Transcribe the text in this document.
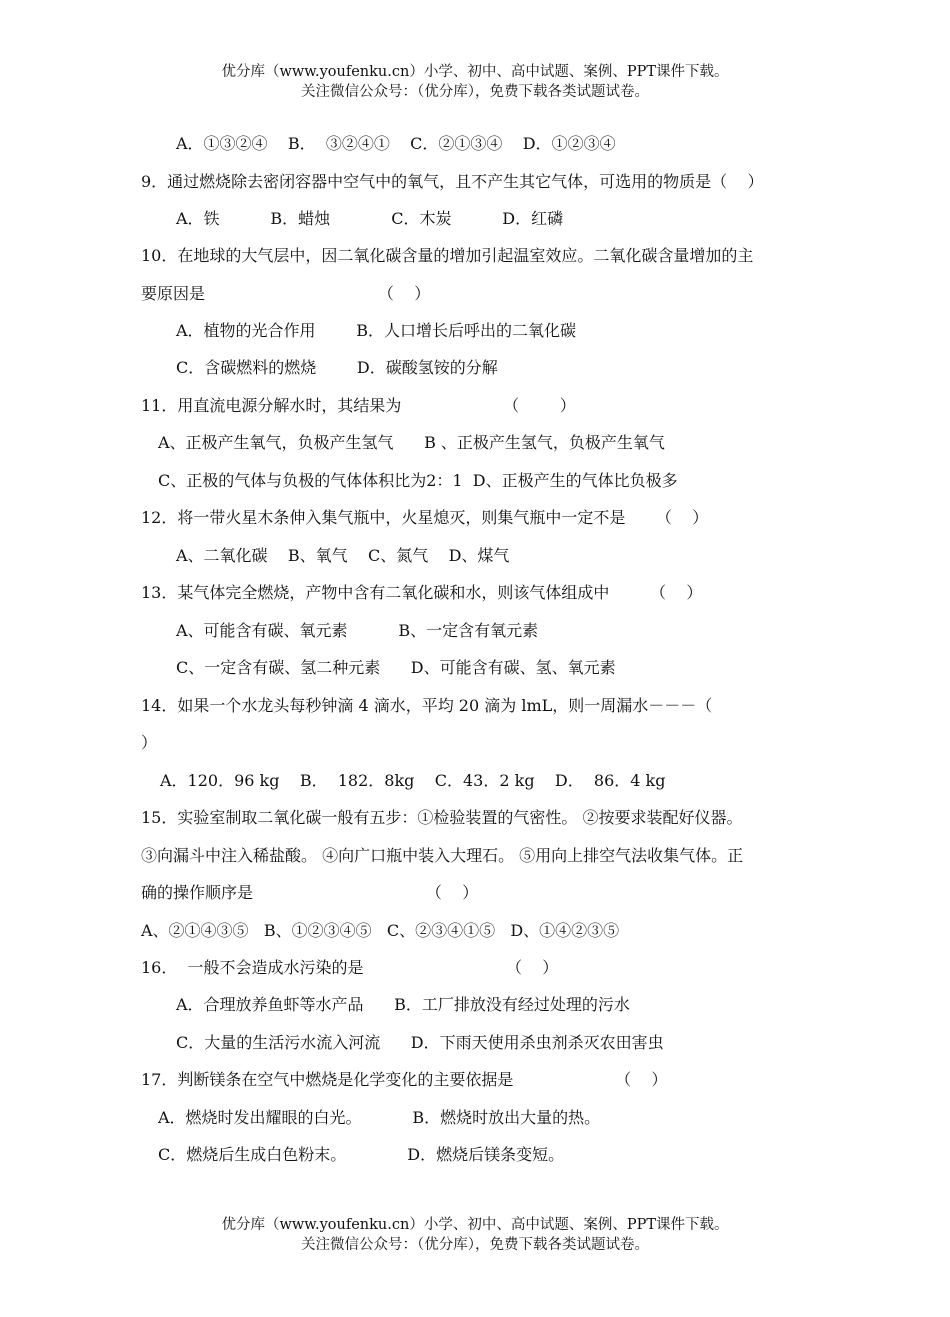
优分库（www.youfenku.cn）小学、初中、高中试题、案例、PPT课件下载。
关注微信公众号：（优分库），免费下载各类试题试卷。
A．①③②④    B．  ③②④①    C．②①③④    D．①②③④
9．通过燃烧除去密闭容器中空气中的氧气，且不产生其它气体，可选用的物质是（    ）
A．铁          B．蜡烛            C．木炭          D．红磷
10．在地球的大气层中，因二氧化碳含量的增加引起温室效应。二氧化碳含量增加的主
要原因是                                  （    ）
A．植物的光合作用        B．人口增长后呼出的二氧化碳
C．含碳燃料的燃烧        D．碳酸氢铵的分解
11．用直流电源分解水时，其结果为                    （        ）
A、正极产生氧气，负极产生氢气      B 、正极产生氢气，负极产生氧气
C、正极的气体与负极的气体体积比为2：1  D、正极产生的气体比负极多
12．将一带火星木条伸入集气瓶中，火星熄灭，则集气瓶中一定不是      （    ）
A、二氧化碳    B、氧气    C、氮气    D、煤气
13．某气体完全燃烧，产物中含有二氧化碳和水，则该气体组成中        （    ）
A、可能含有碳、氧元素          B、一定含有氧元素
C、一定含有碳、氢二种元素      D、可能含有碳、氢、氧元素
14．如果一个水龙头每秒钟滴 4 滴水，平均 20 滴为 lmL，则一周漏水－－－（
）
A．120．96 kg    B．  182．8kg    C．43．2 kg    D．  86．4 kg
15．实验室制取二氧化碳一般有五步：①检验装置的气密性。 ②按要求装配好仪器。
③向漏斗中注入稀盐酸。 ④向广口瓶中装入大理石。 ⑤用向上排空气法收集气体。正
确的操作顺序是                                  （    ）
A、②①④③⑤   B、①②③④⑤   C、②③④①⑤   D、①④②③⑤
16．  一般不会造成水污染的是                            （    ）
A．合理放养鱼虾等水产品      B．工厂排放没有经过处理的污水
C．大量的生活污水流入河流      D．下雨天使用杀虫剂杀灭农田害虫
17．判断镁条在空气中燃烧是化学变化的主要依据是                    （    ）
A．燃烧时发出耀眼的白光。          B．燃烧时放出大量的热。
C．燃烧后生成白色粉末。            D．燃烧后镁条变短。
优分库（www.youfenku.cn）小学、初中、高中试题、案例、PPT课件下载。
关注微信公众号：（优分库），免费下载各类试题试卷。
